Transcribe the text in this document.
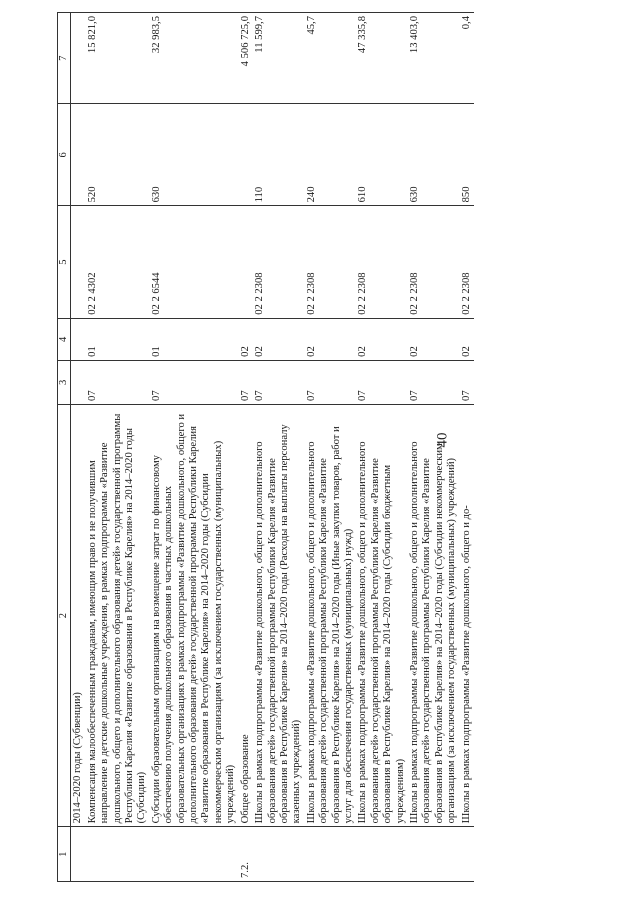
40
1	2	3	4	5	6	7
	2014–2020 годы (Субвенции)					
	Компенсация малообеспеченным гражданам, имеющим право и не получившим направление в детские дошкольные учреждения, в рамках подпрограммы «Развитие дошкольного, общего и дополнительного образования детей» государственной программы Республики Карелия «Развитие образования в Республике Карелия» на 2014–2020 годы (Субсидии)	07	01	02 2 4302	520	15 821,0
	Субсидии образовательным организациям на возмещение затрат по финансовому обеспечению получения дошкольного образования в частных дошкольных образовательных организациях в рамках подпрограммы «Развитие дошкольного, общего и дополнительного образования детей» государственной программы Республики Карелия «Развитие образования в Республике Карелия» на 2014–2020 годы (Субсидии некоммерческим организациям (за исключением государственных (муниципальных) учреждений)	07	01	02 2 6544	630	32 983,5
7.2.	Общее образование	07	02			4 506 725,0
	Школы в рамках подпрограммы «Развитие дошкольного, общего и дополнительного образования детей» государственной программы Республики Карелия «Развитие образования в Республике Карелия» на 2014–2020 годы (Расходы на выплаты персоналу казенных учреждений)	07	02	02 2 2308	110	11 599,7
	Школы в рамках подпрограммы «Развитие дошкольного, общего и дополнительного образования детей» государственной программы Республики Карелия «Развитие образования в Республике Карелия» на 2014–2020 годы (Иные закупки товаров, работ и услуг для обеспечения государственных (муниципальных) нужд)	07	02	02 2 2308	240	45,7
	Школы в рамках подпрограммы «Развитие дошкольного, общего и дополнительного образования детей» государственной программы Республики Карелия «Развитие образования в Республике Карелия» на 2014–2020 годы (Субсидии бюджетным учреждениям)	07	02	02 2 2308	610	47 335,8
	Школы в рамках подпрограммы «Развитие дошкольного, общего и дополнительного образования детей» государственной программы Республики Карелия «Развитие образования в Республике Карелия» на 2014–2020 годы (Субсидии некоммерческим организациям (за исключением государственных (муниципальных) учреждений)	07	02	02 2 2308	630	13 403,0
	Школы в рамках подпрограммы «Развитие дошкольного, общего и до-	07	02	02 2 2308	850	0,4
